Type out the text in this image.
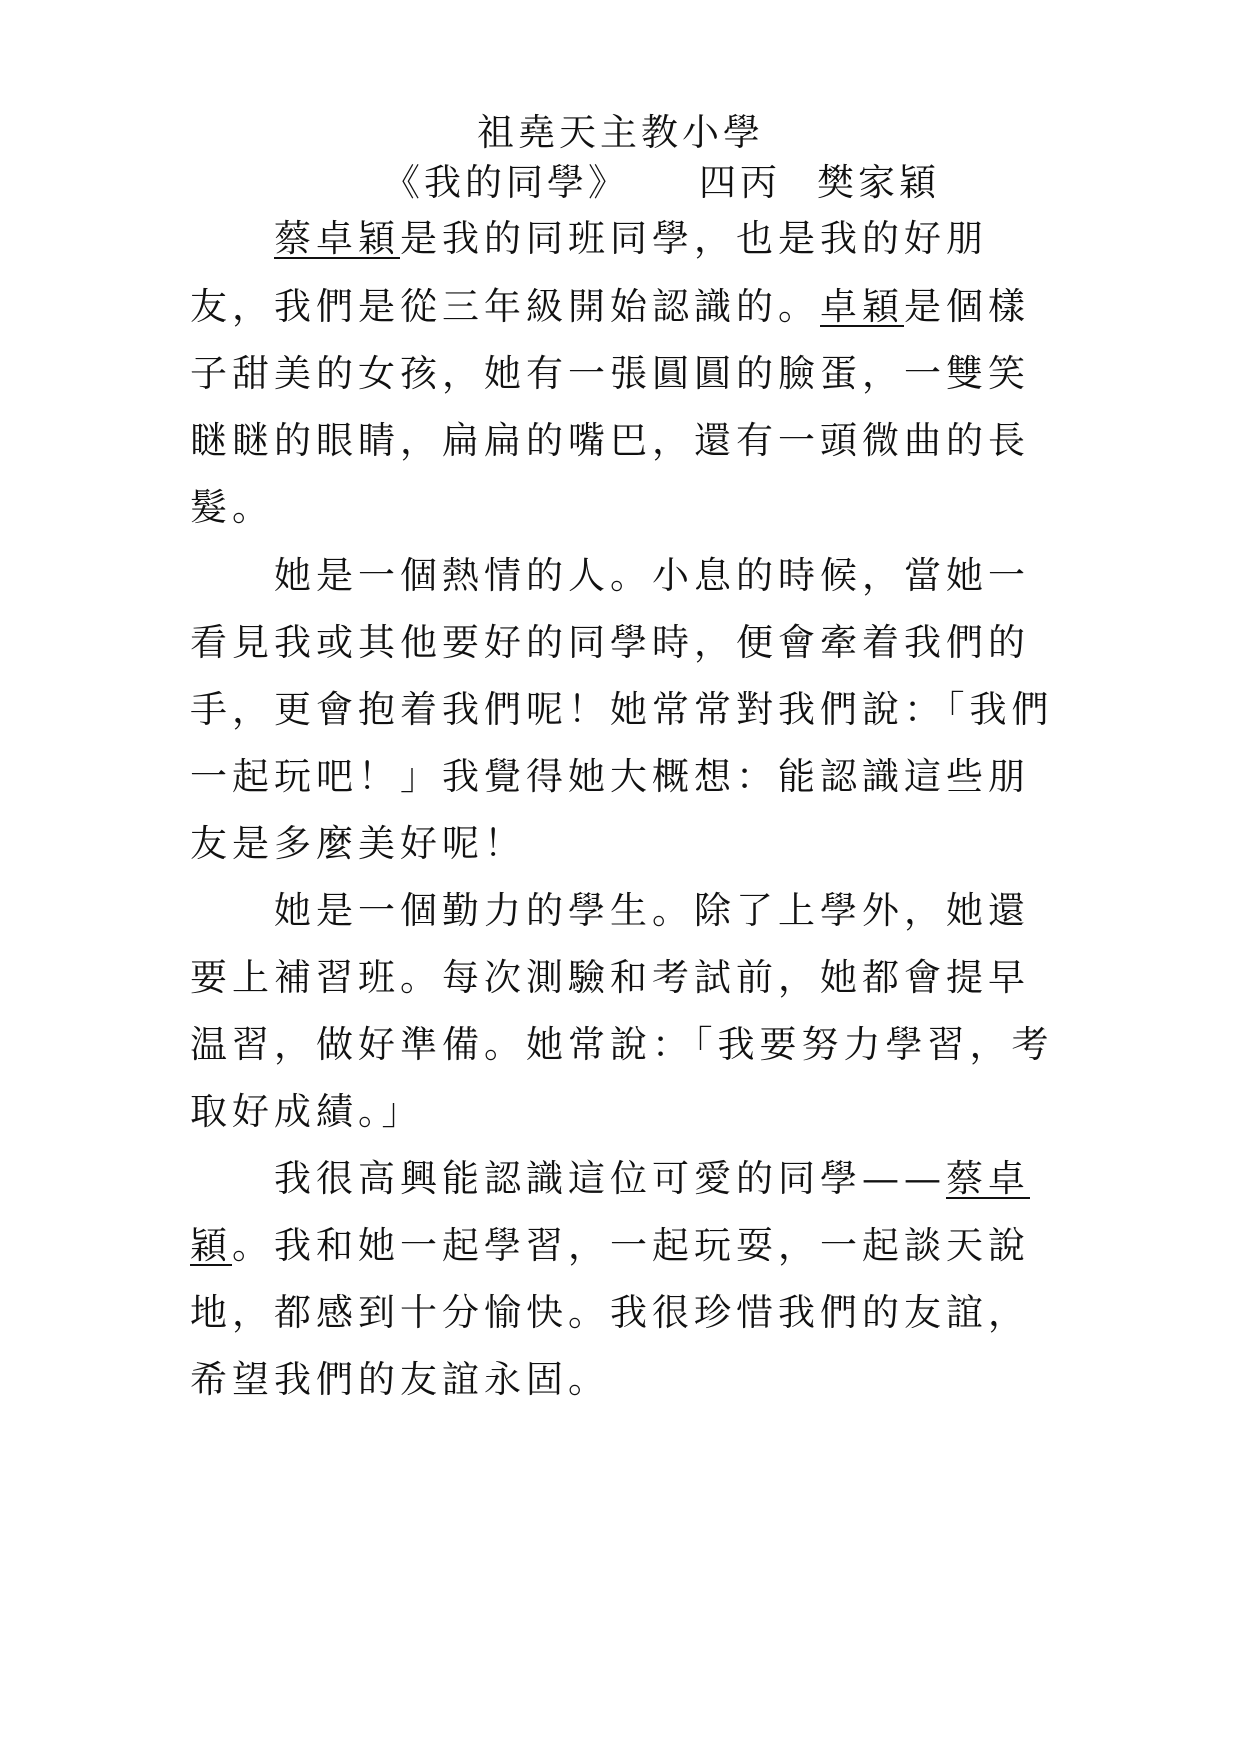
祖堯天主教小學
《我的同學》 四丙 樊家穎
蔡卓穎是我的同班同學，也是我的好朋
友，我們是從三年級開始認識的。卓穎是個樣
子甜美的女孩，她有一張圓圓的臉蛋，一雙笑
瞇瞇的眼睛，扁扁的嘴巴，還有一頭微曲的長
髮。
她是一個熱情的人。小息的時候，當她一
看見我或其他要好的同學時，便會牽着我們的
手，更會抱着我們呢！她常常對我們說：「我們
一起玩吧！」我覺得她大概想：能認識這些朋
友是多麼美好呢！
她是一個勤力的學生。除了上學外，她還
要上補習班。每次測驗和考試前，她都會提早
温習，做好準備。她常說：「我要努力學習，考
取好成績。」
我很高興能認識這位可愛的同學——蔡卓
穎。我和她一起學習，一起玩耍，一起談天說
地，都感到十分愉快。我很珍惜我們的友誼，
希望我們的友誼永固。
